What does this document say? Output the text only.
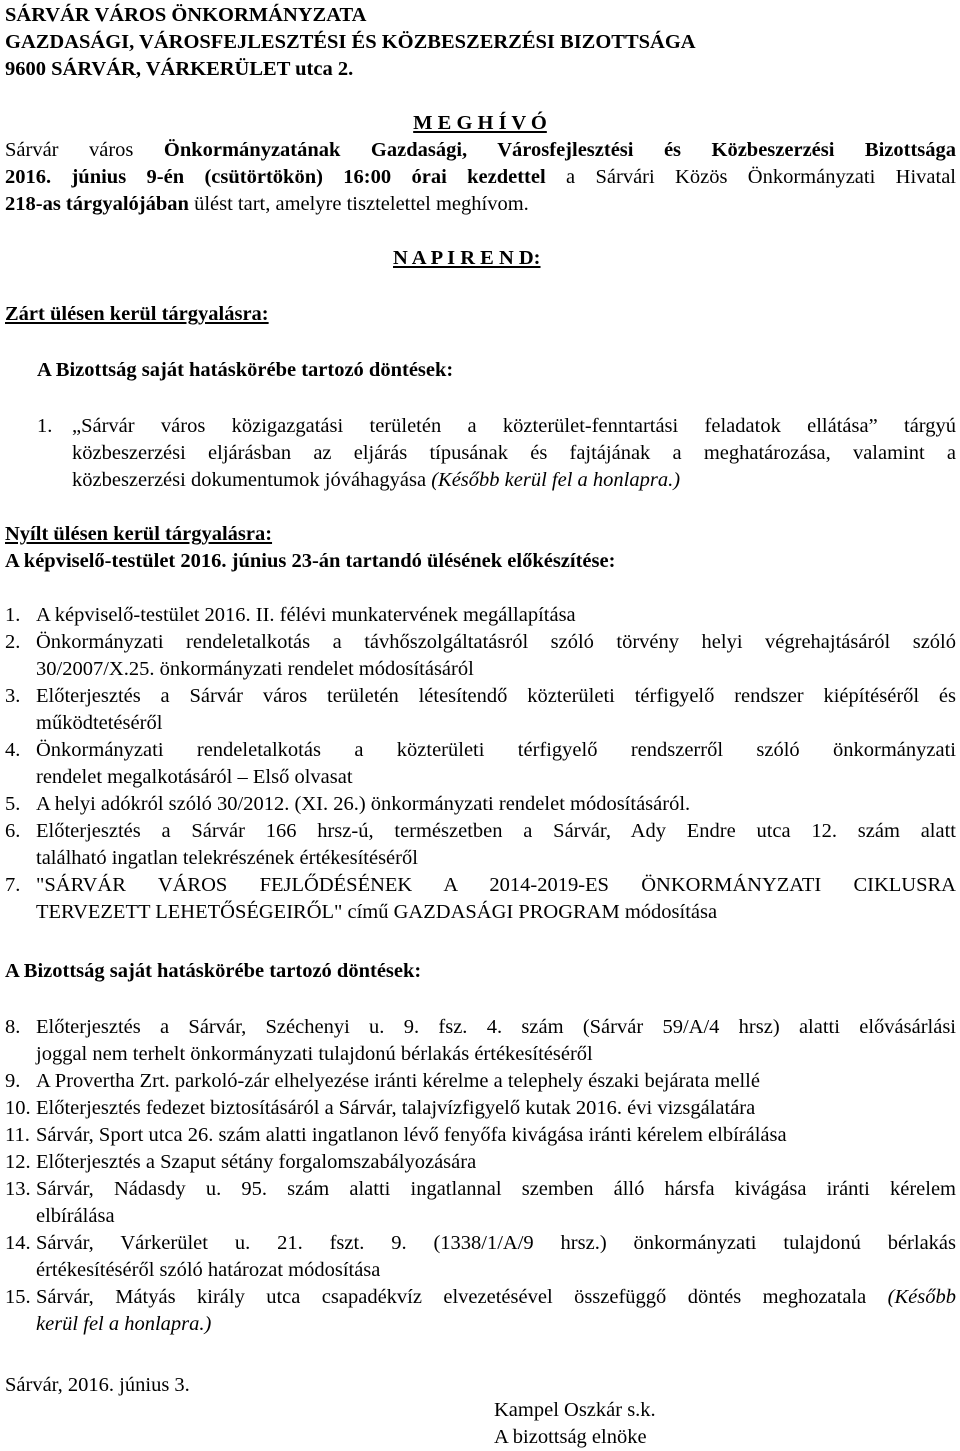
SÁRVÁR VÁROS ÖNKORMÁNYZATA
GAZDASÁGI, VÁROSFEJLESZTÉSI ÉS KÖZBESZERZÉSI BIZOTTSÁGA
9600 SÁRVÁR, VÁRKERÜLET utca 2.
M E G H Í V Ó
Sárvár város Önkormányzatának Gazdasági, Városfejlesztési és Közbeszerzési Bizottsága
2016. június 9-én (csütörtökön) 16:00 órai kezdettel a Sárvári Közös Önkormányzati Hivatal
218-as tárgyalójában ülést tart, amelyre tisztelettel meghívom.
N A P I R E N D:
Zárt ülésen kerül tárgyalásra:
A Bizottság saját hatáskörébe tartozó döntések:
1. „Sárvár város közigazgatási területén a közterület-fenntartási feladatok ellátása” tárgyú
közbeszerzési eljárásban az eljárás típusának és fajtájának a meghatározása, valamint a
közbeszerzési dokumentumok jóváhagyása (Később kerül fel a honlapra.)
Nyílt ülésen kerül tárgyalásra:
A képviselő-testület 2016. június 23-án tartandó ülésének előkészítése:
1. A képviselő-testület 2016. II. félévi munkatervének megállapítása
2. Önkormányzati rendeletalkotás a távhőszolgáltatásról szóló törvény helyi végrehajtásáról szóló
30/2007/X.25. önkormányzati rendelet módosításáról
3. Előterjesztés a Sárvár város területén létesítendő közterületi térfigyelő rendszer kiépítéséről és
működtetéséről
4. Önkormányzati rendeletalkotás a közterületi térfigyelő rendszerről szóló önkormányzati
rendelet megalkotásáról – Első olvasat
5. A helyi adókról szóló 30/2012. (XI. 26.) önkormányzati rendelet módosításáról.
6. Előterjesztés a Sárvár 166 hrsz-ú, természetben a Sárvár, Ady Endre utca 12. szám alatt
található ingatlan telekrészének értékesítéséről
7. "SÁRVÁR VÁROS FEJLŐDÉSÉNEK A 2014-2019-ES ÖNKORMÁNYZATI CIKLUSRA
TERVEZETT LEHETŐSÉGEIRŐL" című GAZDASÁGI PROGRAM módosítása
A Bizottság saját hatáskörébe tartozó döntések:
8. Előterjesztés a Sárvár, Széchenyi u. 9. fsz. 4. szám (Sárvár 59/A/4 hrsz) alatti elővásárlási
joggal nem terhelt önkormányzati tulajdonú bérlakás értékesítéséről
9. A Provertha Zrt. parkoló-zár elhelyezése iránti kérelme a telephely északi bejárata mellé
10. Előterjesztés fedezet biztosításáról a Sárvár, talajvízfigyelő kutak 2016. évi vizsgálatára
11. Sárvár, Sport utca 26. szám alatti ingatlanon lévő fenyőfa kivágása iránti kérelem elbírálása
12. Előterjesztés a Szaput sétány forgalomszabályozására
13. Sárvár, Nádasdy u. 95. szám alatti ingatlannal szemben álló hársfa kivágása iránti kérelem
elbírálása
14. Sárvár, Várkerület u. 21. fszt. 9. (1338/1/A/9 hrsz.) önkormányzati tulajdonú bérlakás
értékesítéséről szóló határozat módosítása
15. Sárvár, Mátyás király utca csapadékvíz elvezetésével összefüggő döntés meghozatala (Később
kerül fel a honlapra.)
Sárvár, 2016. június 3.
Kampel Oszkár s.k.
A bizottság elnöke
